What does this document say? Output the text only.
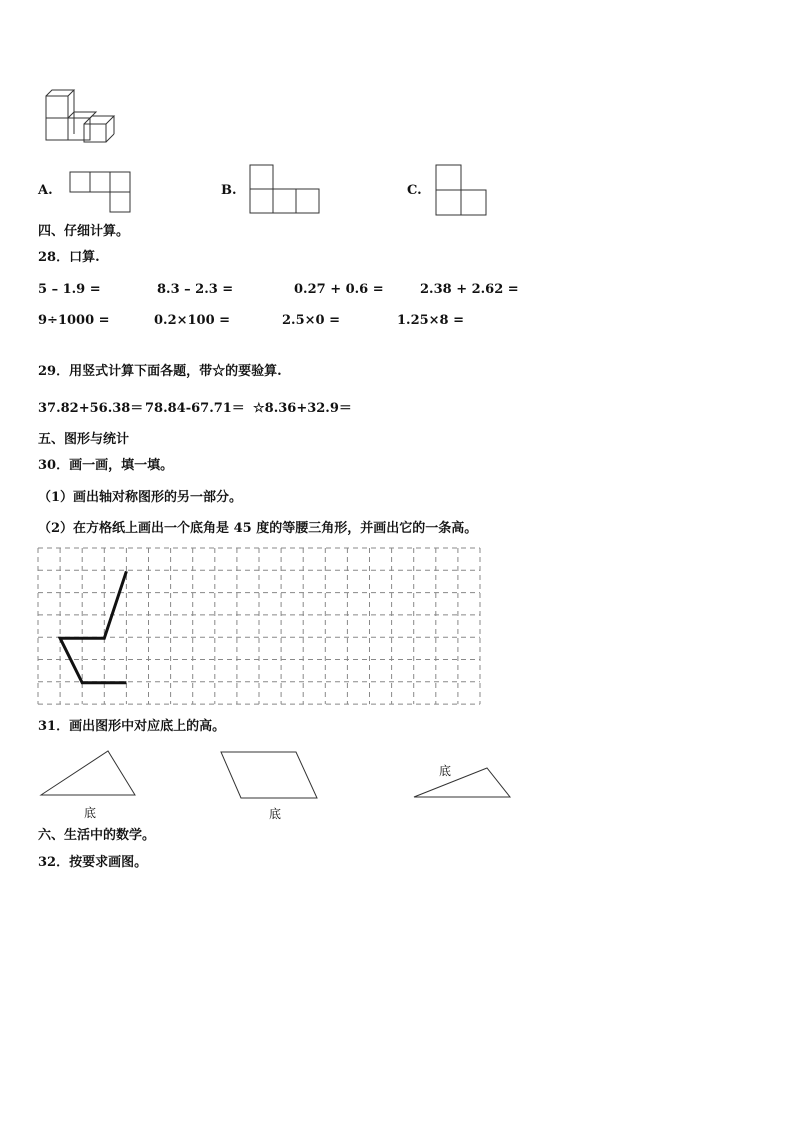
A.	B.	C.
四、仔细计算。
28．口算.
5 – 1.9 =	8.3 – 2.3 =	0.27 + 0.6 =	2.38 + 2.62 =
9÷1000 =	0.2×100 =	2.5×0 =	1.25×8 =
29．用竖式计算下面各题，带☆的要验算.
37.82+56.38＝ 78.84-67.71＝ ☆8.36+32.9＝
五、图形与统计
30．画一画，填一填。
（1）画出轴对称图形的另一部分。
（2）在方格纸上画出一个底角是 45 度的等腰三角形，并画出它的一条高。
31．画出图形中对应底上的高。
底	底
底
六、生活中的数学。
32．按要求画图。
